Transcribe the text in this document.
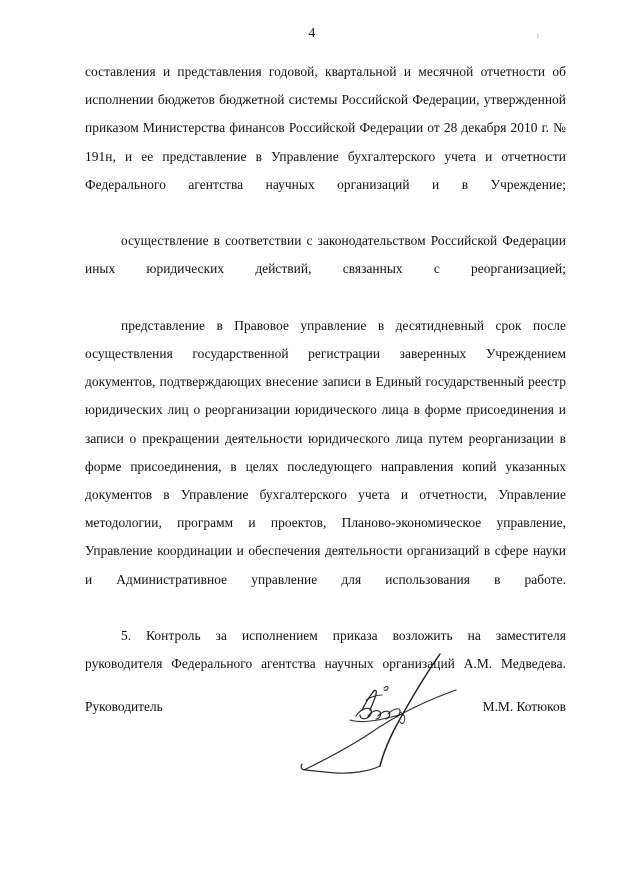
4

составления и представления годовой, квартальной и месячной отчетности об исполнении бюджетов бюджетной системы Российской Федерации, утвержденной приказом Министерства финансов Российской Федерации от 28 декабря 2010 г. № 191н, и ее представление в Управление бухгалтерского учета и отчетности Федерального агентства научных организаций и в Учреждение;

осуществление в соответствии с законодательством Российской Федерации иных юридических действий, связанных с реорганизацией;

представление в Правовое управление в десятидневный срок после осуществления государственной регистрации заверенных Учреждением документов, подтверждающих внесение записи в Единый государственный реестр юридических лиц о реорганизации юридического лица в форме присоединения и записи о прекращении деятельности юридического лица путем реорганизации в форме присоединения, в целях последующего направления копий указанных документов в Управление бухгалтерского учета и отчетности, Управление методологии, программ и проектов, Планово-экономическое управление, Управление координации и обеспечения деятельности организаций в сфере науки и Административное управление для использования в работе.

5. Контроль за исполнением приказа возложить на заместителя руководителя Федерального агентства научных организаций А.М. Медведева.

Руководитель	М.М. Котюков
